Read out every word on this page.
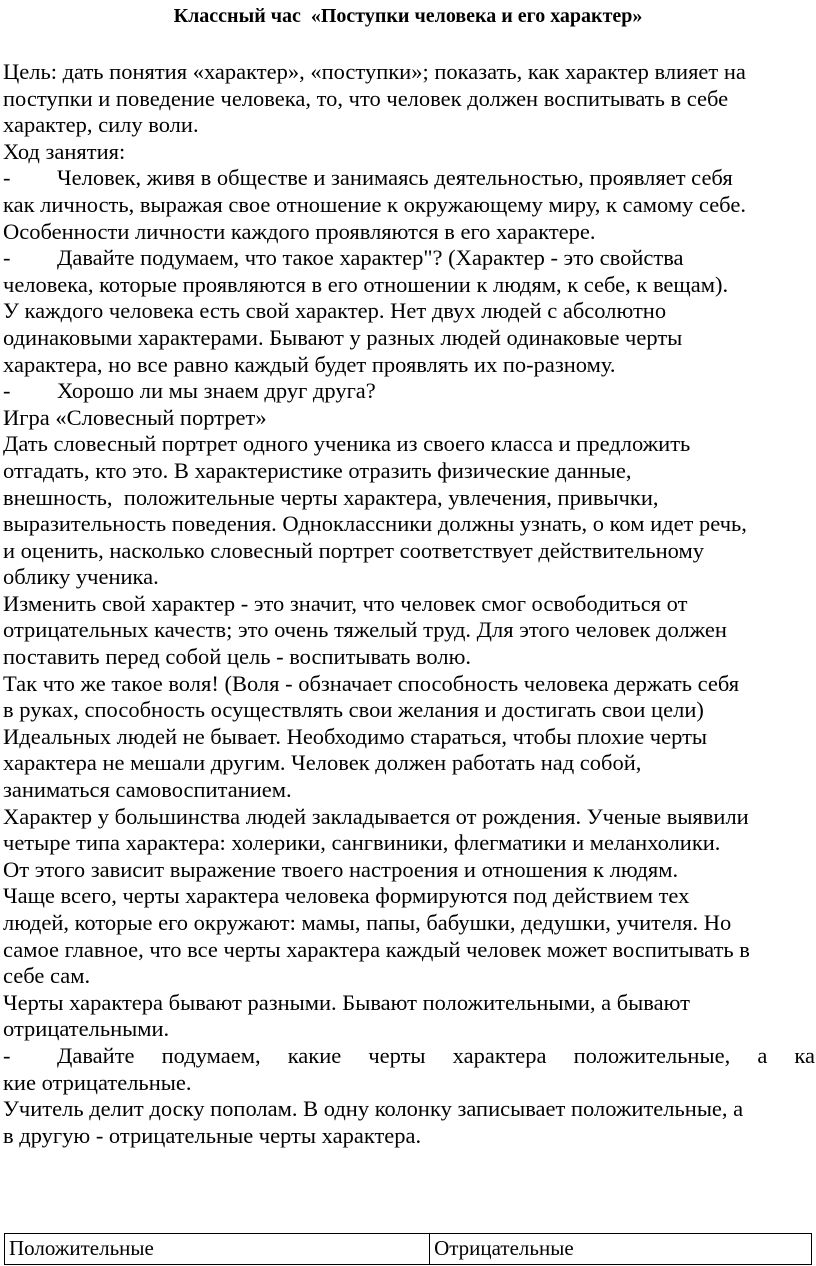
Классный час  «Поступки человека и его характер»
Цель: дать понятия «характер», «поступки»; показать, как характер влияет на
поступки и поведение человека, то, что человек должен воспитывать в себе
характер, силу воли.
Ход занятия:
- Человек, живя в обществе и занимаясь деятельностью, проявляет себя
как личность, выражая свое отношение к окружающему миру, к самому себе.
Особенности личности каждого проявляются в его характере.
- Давайте подумаем, что такое характер"? (Характер - это свойства
человека, которые проявляются в его отношении к людям, к себе, к вещам).
У каждого человека есть свой характер. Нет двух людей с абсолютно
одинаковыми характерами. Бывают у разных людей одинаковые черты
характера, но все равно каждый будет проявлять их по-разному.
- Хорошо ли мы знаем друг друга?
Игра «Словесный портрет»
Дать словесный портрет одного ученика из своего класса и предложить
отгадать, кто это. В характеристике отразить физические данные,
внешность,  положительные черты характера, увлечения, привычки,
выразительность поведения. Одноклассники должны узнать, о ком идет речь,
и оценить, насколько словесный портрет соответствует действительному
облику ученика.
Изменить свой характер - это значит, что человек смог освободиться от
отрицательных качеств; это очень тяжелый труд. Для этого человек должен
поставить перед собой цель - воспитывать волю.
Так что же такое воля! (Воля - обзначает способность человека держать себя
в руках, способность осуществлять свои желания и достигать свои цели)
Идеальных людей не бывает. Необходимо стараться, чтобы плохие черты
характера не мешали другим. Человек должен работать над собой,
заниматься самовоспитанием.
Характер у большинства людей закладывается от рождения. Ученые выявили
четыре типа характера: холерики, сангвиники, флегматики и меланхолики.
От этого зависит выражение твоего настроения и отношения к людям.
Чаще всего, черты характера человека формируются под действием тех
людей, которые его окружают: мамы, папы, бабушки, дедушки, учителя. Но
самое главное, что все черты характера каждый человек может воспитывать в
себе сам.
Черты характера бывают разными. Бывают положительными, а бывают
отрицательными.
- Давайте подумаем, какие черты характера положительные, а ка
кие отрицательные.
Учитель делит доску пополам. В одну колонку записывает положительные, а
в другую - отрицательные черты характера.
Положительные	Отрицательные
